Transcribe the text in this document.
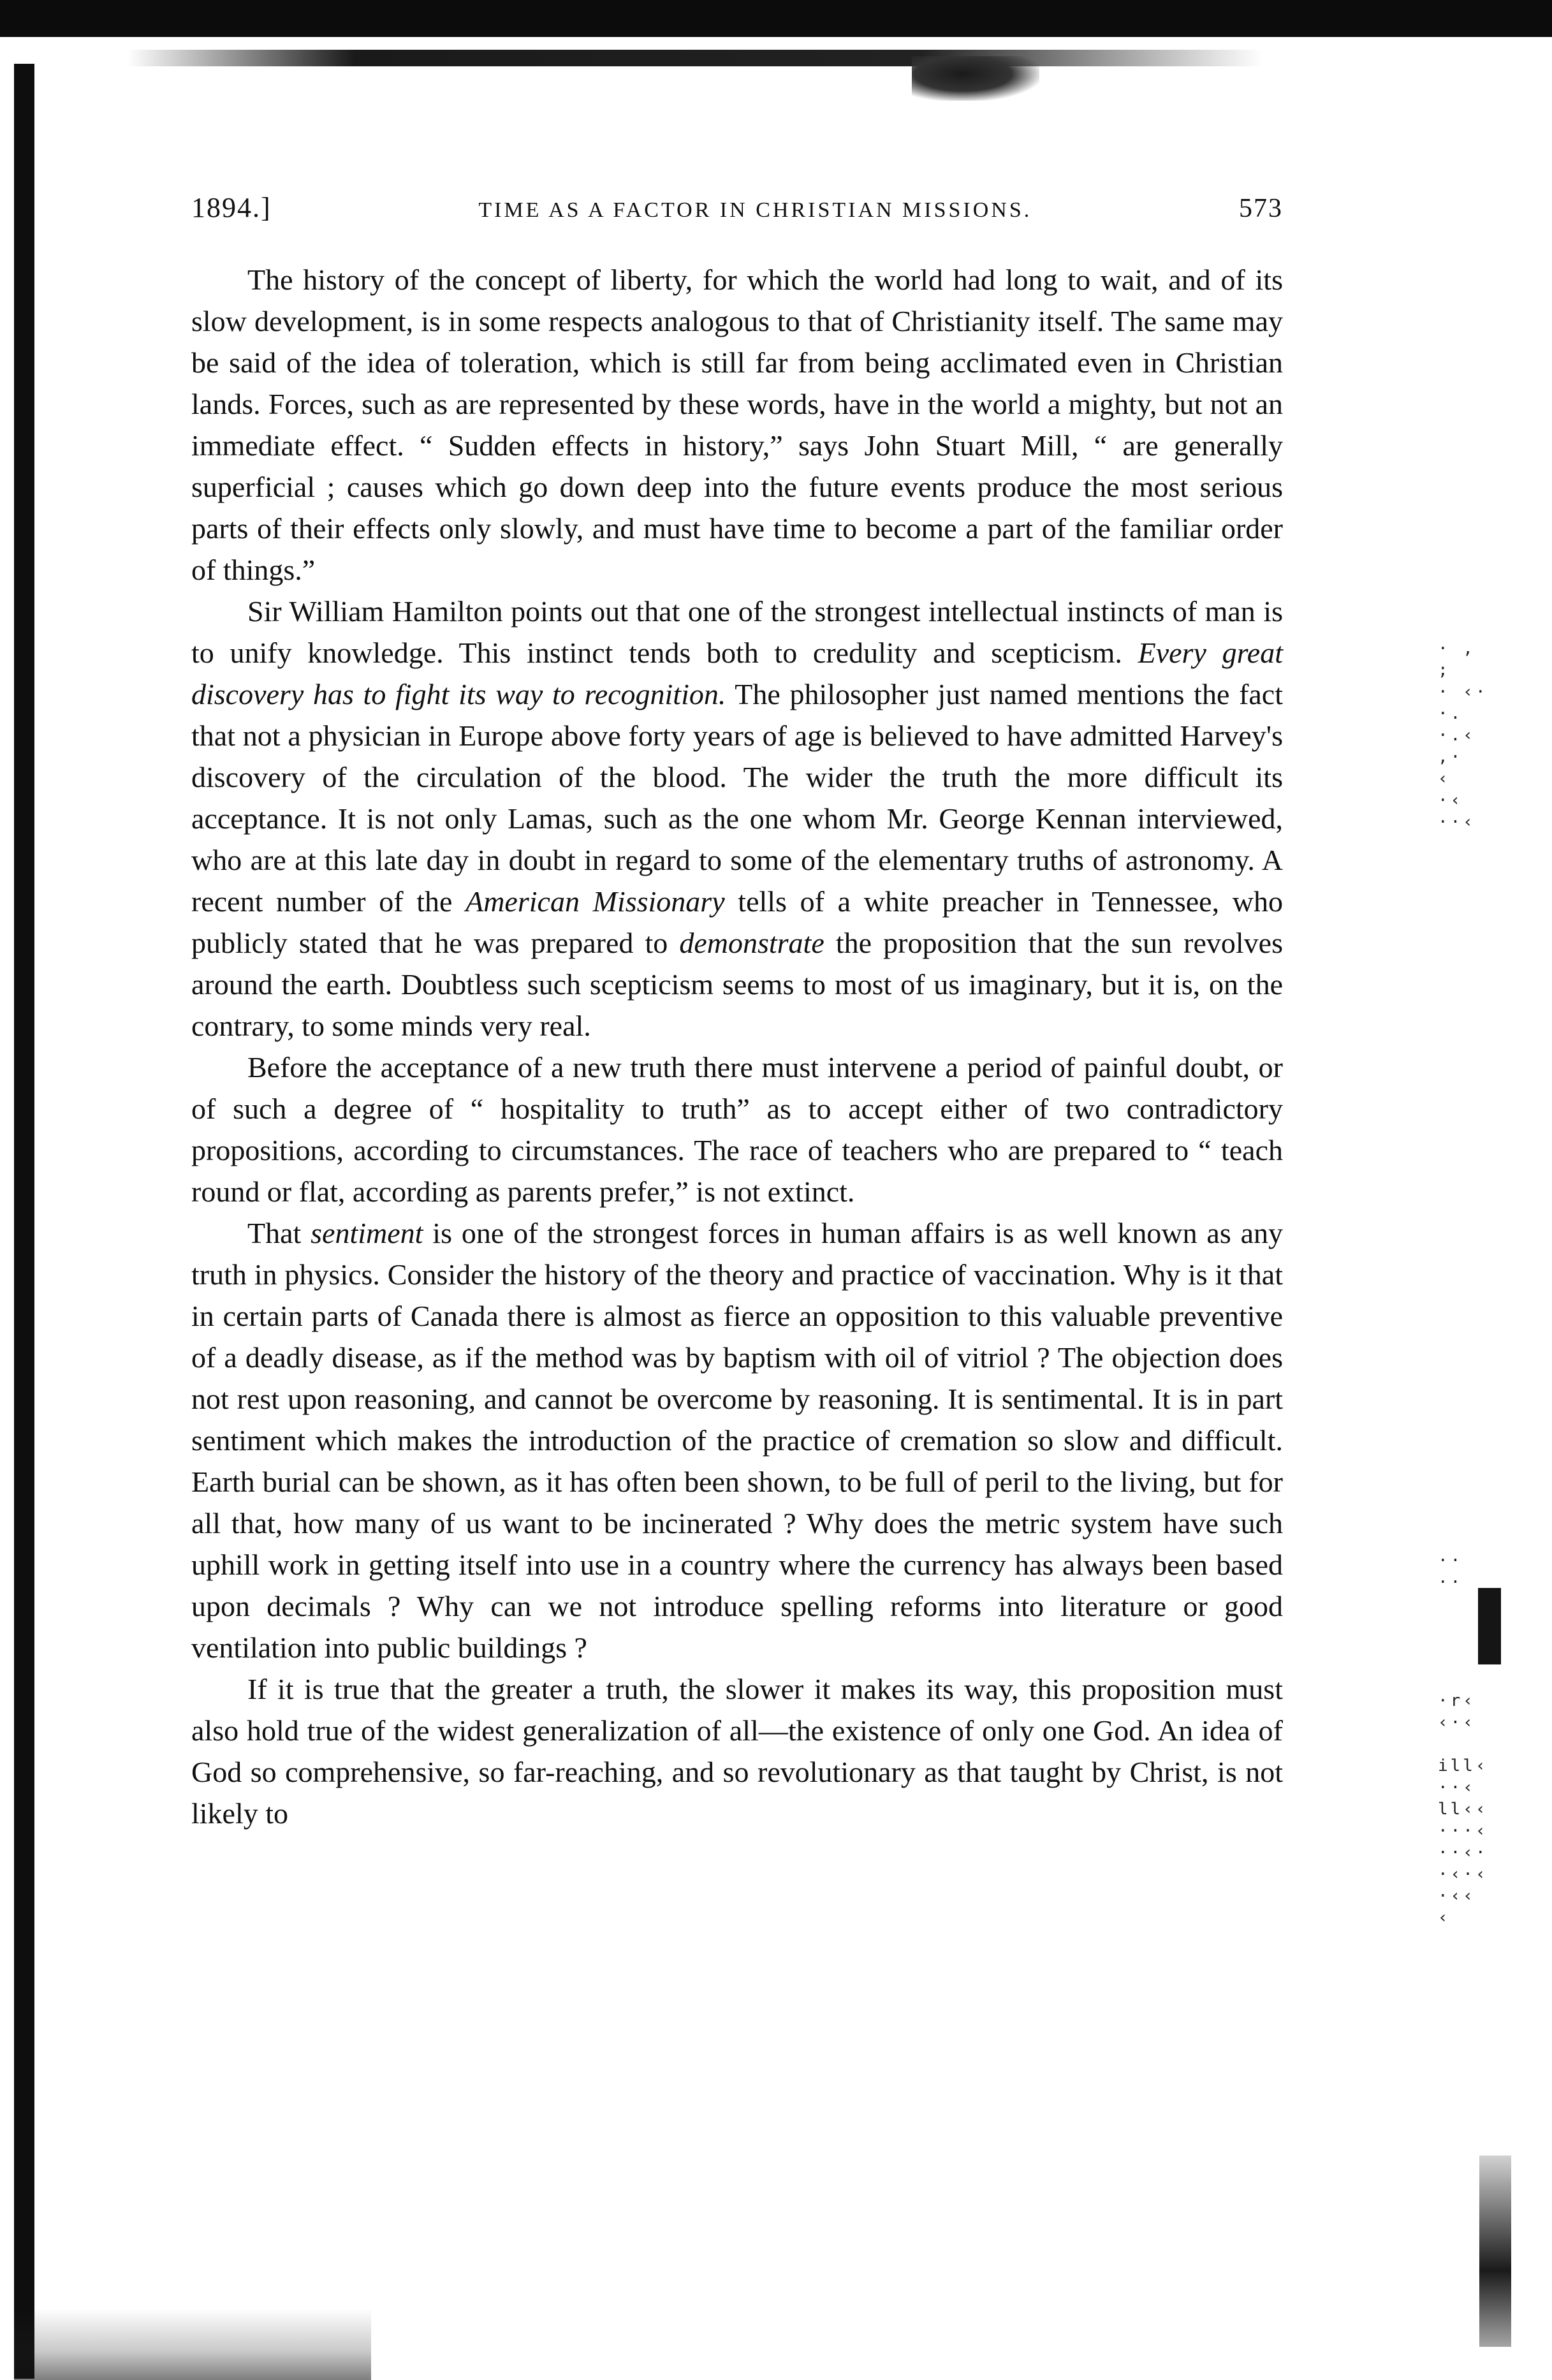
· ‚
;
· ‹·
·.
·.‹
,·
‹
·‹
··‹
··
··
·r‹
‹·‹

ill‹
··‹
ll‹‹
···‹
··‹·
·‹·‹
·‹‹
‹
1894.]	TIME AS A FACTOR IN CHRISTIAN MISSIONS.	573

The history of the concept of liberty, for which the world had long to wait, and of its slow development, is in some respects analogous to that of Christianity itself. The same may be said of the idea of toleration, which is still far from being acclimated even in Christian lands. Forces, such as are represented by these words, have in the world a mighty, but not an immediate effect. “ Sudden effects in history,” says John Stuart Mill, “ are generally superficial ; causes which go down deep into the future events produce the most serious parts of their effects only slowly, and must have time to become a part of the familiar order of things.”

Sir William Hamilton points out that one of the strongest intellectual instincts of man is to unify knowledge. This instinct tends both to credulity and scepticism. Every great discovery has to fight its way to recognition. The philosopher just named mentions the fact that not a physician in Europe above forty years of age is believed to have admitted Harvey's discovery of the circulation of the blood. The wider the truth the more difficult its acceptance. It is not only Lamas, such as the one whom Mr. George Kennan interviewed, who are at this late day in doubt in regard to some of the elementary truths of astronomy. A recent number of the American Missionary tells of a white preacher in Tennessee, who publicly stated that he was prepared to demonstrate the proposition that the sun revolves around the earth. Doubtless such scepticism seems to most of us imaginary, but it is, on the contrary, to some minds very real.

Before the acceptance of a new truth there must intervene a period of painful doubt, or of such a degree of “ hospitality to truth” as to accept either of two contradictory propositions, according to circumstances. The race of teachers who are prepared to “ teach round or flat, according as parents prefer,” is not extinct.

That sentiment is one of the strongest forces in human affairs is as well known as any truth in physics. Consider the history of the theory and practice of vaccination. Why is it that in certain parts of Canada there is almost as fierce an opposition to this valuable preventive of a deadly disease, as if the method was by baptism with oil of vitriol ? The objection does not rest upon reasoning, and cannot be overcome by reasoning. It is sentimental. It is in part sentiment which makes the introduction of the practice of cremation so slow and difficult. Earth burial can be shown, as it has often been shown, to be full of peril to the living, but for all that, how many of us want to be incinerated ? Why does the metric system have such uphill work in getting itself into use in a country where the currency has always been based upon decimals ? Why can we not introduce spelling reforms into literature or good ventilation into public buildings ?

If it is true that the greater a truth, the slower it makes its way, this proposition must also hold true of the widest generalization of all—the existence of only one God. An idea of God so comprehensive, so far-reaching, and so revolutionary as that taught by Christ, is not likely to
